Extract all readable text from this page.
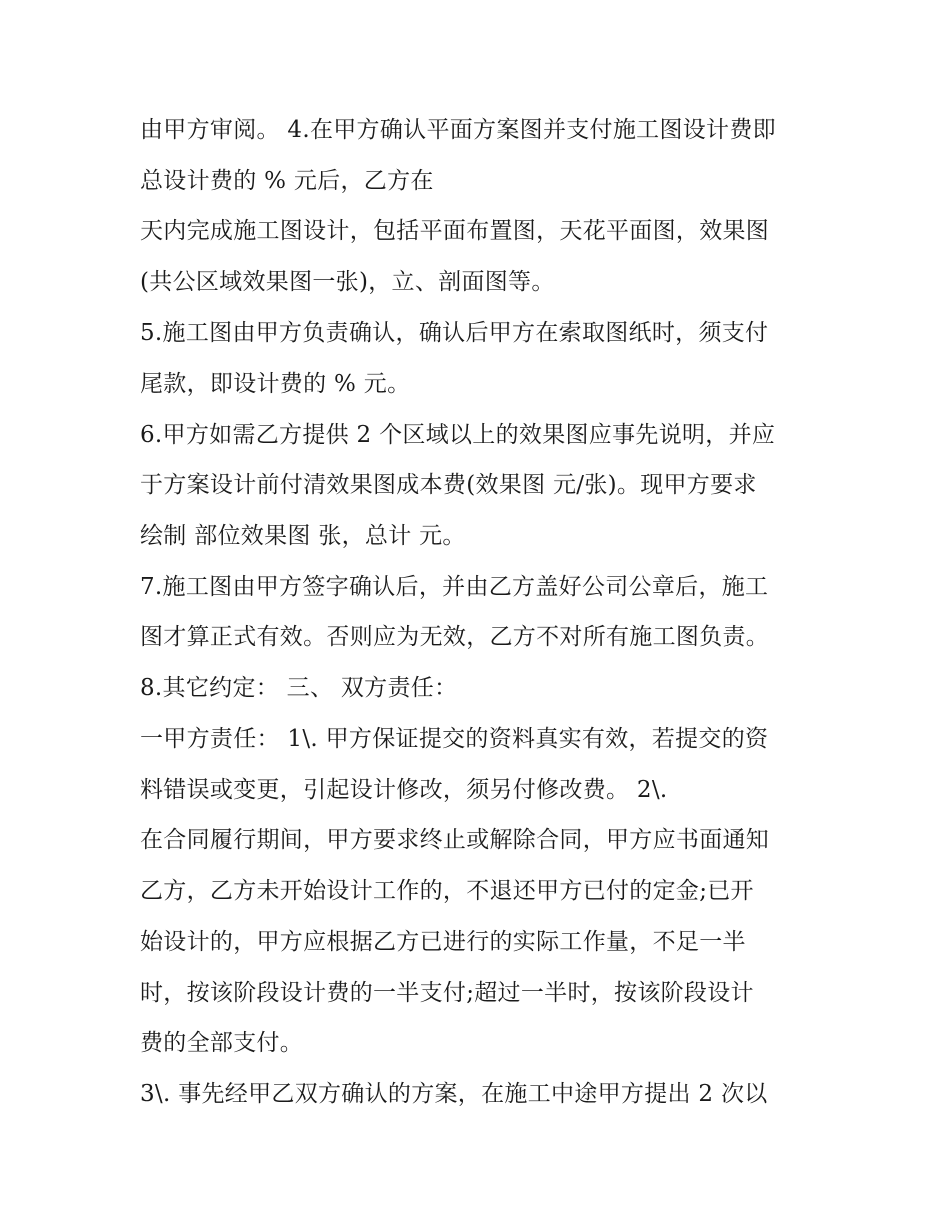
由甲方审阅。 4.在甲方确认平面方案图并支付施工图设计费即
总设计费的 % 元后，乙方在
天内完成施工图设计，包括平面布置图，天花平面图，效果图
(共公区域效果图一张)，立、剖面图等。
5.施工图由甲方负责确认，确认后甲方在索取图纸时，须支付
尾款，即设计费的 % 元。
6.甲方如需乙方提供 2 个区域以上的效果图应事先说明，并应
于方案设计前付清效果图成本费(效果图 元/张)。现甲方要求
绘制 部位效果图 张，总计 元。
7.施工图由甲方签字确认后，并由乙方盖好公司公章后，施工
图才算正式有效。否则应为无效，乙方不对所有施工图负责。
8.其它约定： 三、 双方责任：
一甲方责任： 1\. 甲方保证提交的资料真实有效，若提交的资
料错误或变更，引起设计修改，须另付修改费。 2\.
在合同履行期间，甲方要求终止或解除合同，甲方应书面通知
乙方，乙方未开始设计工作的，不退还甲方已付的定金;已开
始设计的，甲方应根据乙方已进行的实际工作量，不足一半
时，按该阶段设计费的一半支付;超过一半时，按该阶段设计
费的全部支付。
3\. 事先经甲乙双方确认的方案，在施工中途甲方提出 2 次以
